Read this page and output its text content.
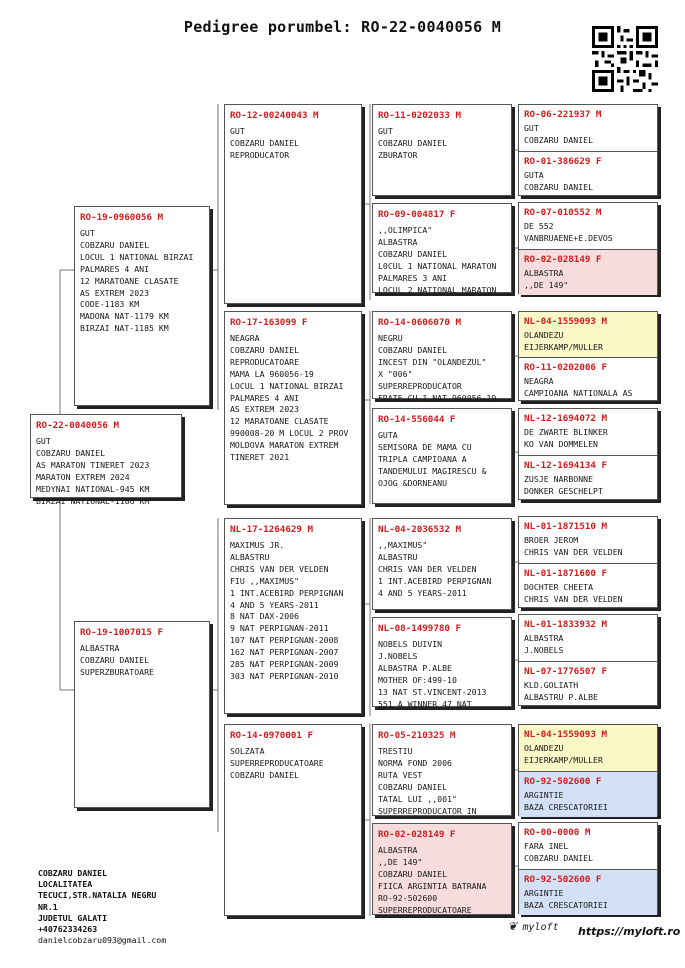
Pedigree porumbel: RO-22-0040056 M
RO-22-0040056 M
GUT
COBZARU DANIEL
AS MARATON TINERET 2023
MARATON EXTREM 2024
MEDYNAI NATIONAL-945 KM
BIRZAI NATIONAL-1186 KM
RO-19-0960056 M
GUT
COBZARU DANIEL
LOCUL 1 NATIONAL BIRZAI
PALMARES 4 ANI
12 MARATOANE CLASATE
AS EXTREM 2023
CODE-1183 KM
MADONA NAT-1179 KM
BIRZAI NAT-1185 KM
RO-19-1007015 F
ALBASTRA
COBZARU DANIEL
SUPERZBURATOARE
RO-12-00240043 M
GUT
COBZARU DANIEL
REPRODUCATOR
RO-17-163099 F
NEAGRA
COBZARU DANIEL
REPRODUCATOARE
MAMA LA 960056-19
LOCUL 1 NATIONAL BIRZAI
PALMARES 4 ANI
AS EXTREM 2023
12 MARATOANE CLASATE
990008-20 M LOCUL 2 PROV
MOLDOVA MARATON EXTREM
TINERET 2021
NL-17-1264629 M
MAXIMUS JR.
ALBASTRU
CHRIS VAN DER VELDEN
FIU ,,MAXIMUS"
1 INT.ACEBIRD PERPIGNAN
4 AND 5 YEARS-2011
8 NAT DAX-2006
9 NAT PERPIGNAN-2011
107 NAT PERPIGNAN-2008
162 NAT PERPIGNAN-2007
285 NAT PERPIGNAN-2009
303 NAT PERPIGNAN-2010
RO-14-0970001 F
SOLZATA
SUPERREPRODUCATOARE
COBZARU DANIEL
RO-11-0202033 M
GUT
COBZARU DANIEL
ZBURATOR
RO-09-004817 F
,,OLIMPICA"
ALBASTRA
COBZARU DANIEL
L0CUL 1 NATIONAL MARATON
PALMARES 3 ANI
LOCUL 2 NATIONAL MARATON
RO-14-0606070 M
NEGRU
COBZARU DANIEL
INCEST DIN "OLANDEZUL"
X "006"
SUPERREPRODUCATOR
FRATE CU 1 NAT 960056-19
RO-14-556044 F
GUTA
SEMISORA DE MAMA CU
TRIPLA CAMPIOANA A
TANDEMULUI MAGIRESCU &
OJOG &DORNEANU
NL-04-2036532 M
,,MAXIMUS"
ALBASTRU
CHRIS VAN DER VELDEN
1 INT.ACEBIRD PERPIGNAN
4 AND 5 YEARS-2011
NL-08-1499780 F
NOBELS DUIVIN
J.NOBELS
ALBASTRA P.ALBE
MOTHER OF:499-10
13 NAT ST.VINCENT-2013
551 A WINNER 47 NAT
RO-05-210325 M
TRESTIU
NORMA FOND 2006
RUTA VEST
COBZARU DANIEL
TATAL LUI ,,001"
SUPERREPRODUCATOR IN
RO-02-028149 F
ALBASTRA
,,DE 149"
COBZARU DANIEL
FIICA ARGINTIA BATRANA
RO-92-502600
SUPERREPRODUCATOARE
RO-06-221937 M
GUT
COBZARU DANIEL
RO-01-386629 F
GUTA
COBZARU DANIEL
RO-07-010552 M
DE 552
VANBRUAENE+E.DEVOS
RO-02-028149 F
ALBASTRA
,,DE 149"
NL-04-1559093 M
OLANDEZU
EIJERKAMP/MULLER
RO-11-0202006 F
NEAGRA
CAMPIOANA NATIONALA AS
NL-12-1694072 M
DE ZWARTE BLINKER
KO VAN DOMMELEN
NL-12-1694134 F
ZUSJE NARBONNE
DONKER GESCHELPT
NL-01-1871510 M
BROER JEROM
CHRIS VAN DER VELDEN
NL-01-1871600 F
DOCHTER CHEETA
CHRIS VAN DER VELDEN
NL-01-1833932 M
ALBASTRA
J.NOBELS
NL-07-1776507 F
KLD.GOLIATH
ALBASTRU P.ALBE
NL-04-1559093 M
OLANDEZU
EIJERKAMP/MULLER
RO-92-502600 F
ARGINTIE
BAZA CRESCATORIEI
RO-00-0000 M
FARA INEL
COBZARU DANIEL
RO-92-502600 F
ARGINTIE
BAZA CRESCATORIEI
COBZARU DANIEL
LOCALITATEA
TECUCI,STR.NATALIA NEGRU
NR.1
JUDETUL GALATI
+40762334263
danielcobzaru093@gmail.com
❦ myloft https://myloft.ro
